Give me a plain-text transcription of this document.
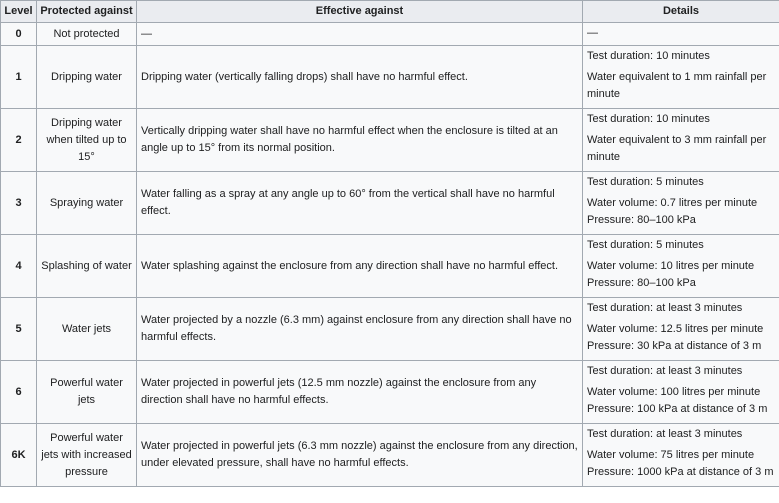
Level	Protected against	Effective against	Details
0	Not protected	—	—

1	Dripping water	Dripping water (vertically falling drops) shall have no harmful effect.	Test duration: 10 minutes
Water equivalent to 1 mm rainfall per minute

2	Dripping water when tilted up to 15°	Vertically dripping water shall have no harmful effect when the enclosure is tilted at an angle up to 15° from its normal position.	Test duration: 10 minutes
Water equivalent to 3 mm rainfall per minute

3	Spraying water	Water falling as a spray at any angle up to 60° from the vertical shall have no harmful effect.	Test duration: 5 minutes
Water volume: 0.7 litres per minute
Pressure: 80–100 kPa

4	Splashing of water	Water splashing against the enclosure from any direction shall have no harmful effect.	Test duration: 5 minutes
Water volume: 10 litres per minute
Pressure: 80–100 kPa

5	Water jets	Water projected by a nozzle (6.3 mm) against enclosure from any direction shall have no harmful effects.	Test duration: at least 3 minutes
Water volume: 12.5 litres per minute
Pressure: 30 kPa at distance of 3 m

6	Powerful water jets	Water projected in powerful jets (12.5 mm nozzle) against the enclosure from any direction shall have no harmful effects.	Test duration: at least 3 minutes
Water volume: 100 litres per minute
Pressure: 100 kPa at distance of 3 m

6K	Powerful water jets with increased pressure	Water projected in powerful jets (6.3 mm nozzle) against the enclosure from any direction, under elevated pressure, shall have no harmful effects.	Test duration: at least 3 minutes
Water volume: 75 litres per minute
Pressure: 1000 kPa at distance of 3 m
